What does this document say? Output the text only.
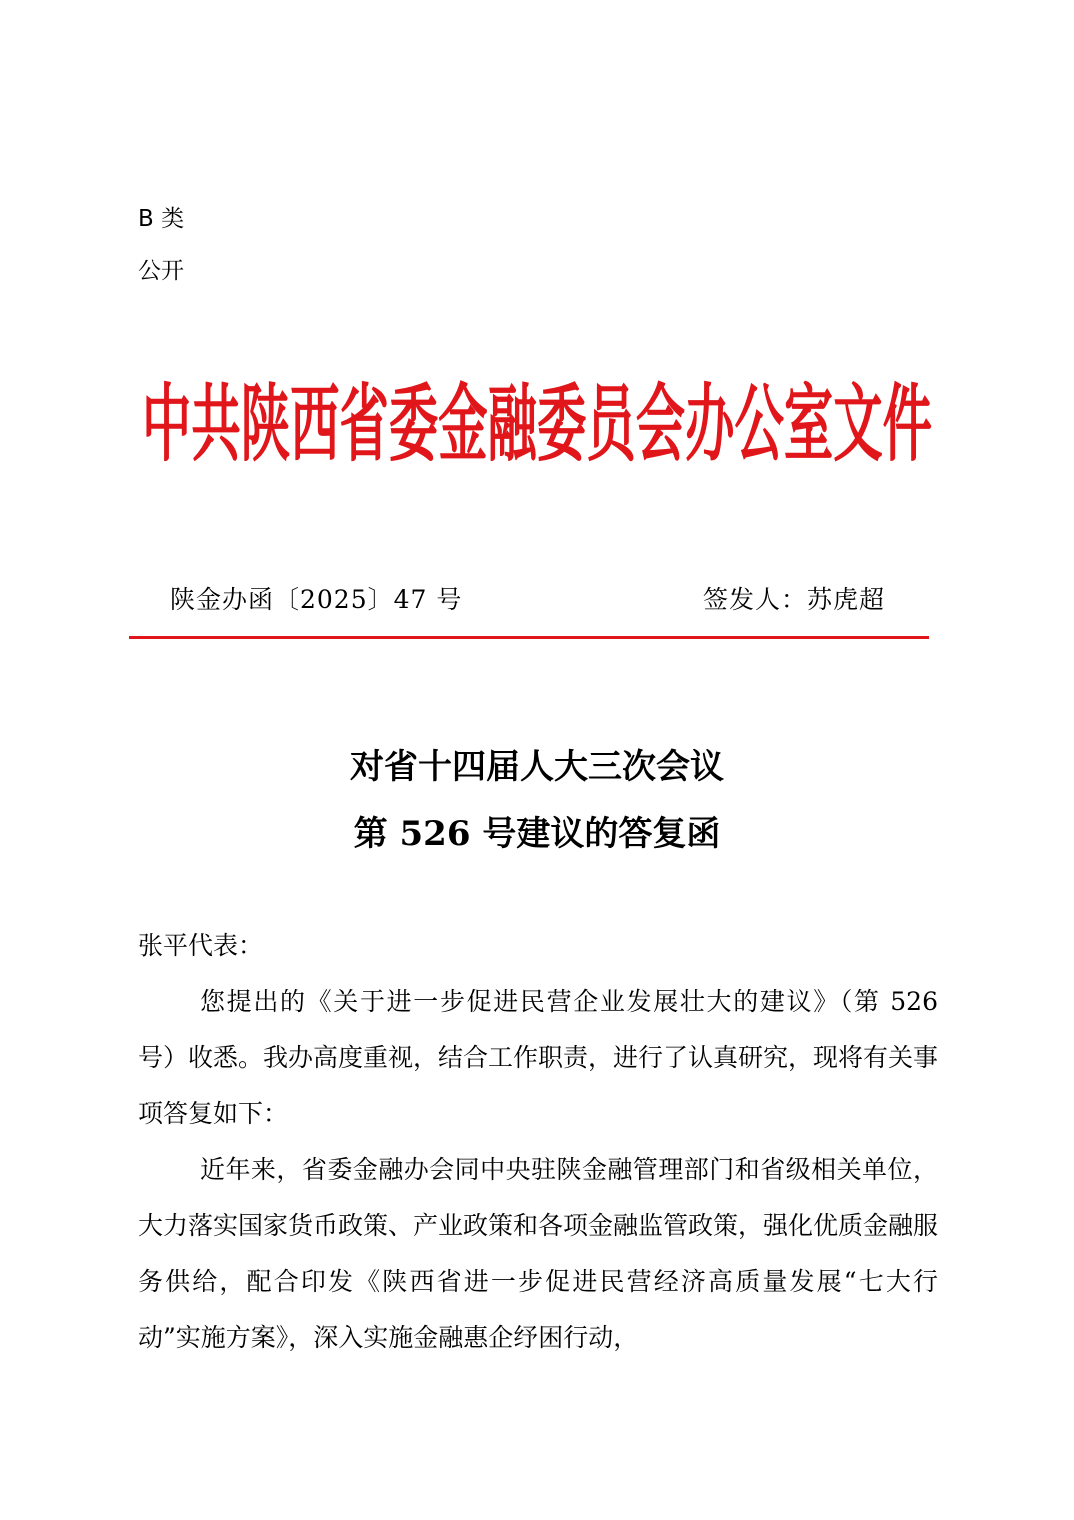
B 类
公开
中共陕西省委金融委员会办公室文件
陕金办函〔2025〕47 号	签发人：苏虎超
对省十四届人大三次会议
第 526 号建议的答复函
张平代表：
您提出的《关于进一步促进民营企业发展壮大的建议》（第 526 号）收悉。我办高度重视，结合工作职责，进行了认真研究，现将有关事项答复如下：
近年来，省委金融办会同中央驻陕金融管理部门和省级相关单位，大力落实国家货币政策、产业政策和各项金融监管政策，强化优质金融服务供给，配合印发《陕西省进一步促进民营经济高质量发展“七大行动”实施方案》，深入实施金融惠企纾困行动，
